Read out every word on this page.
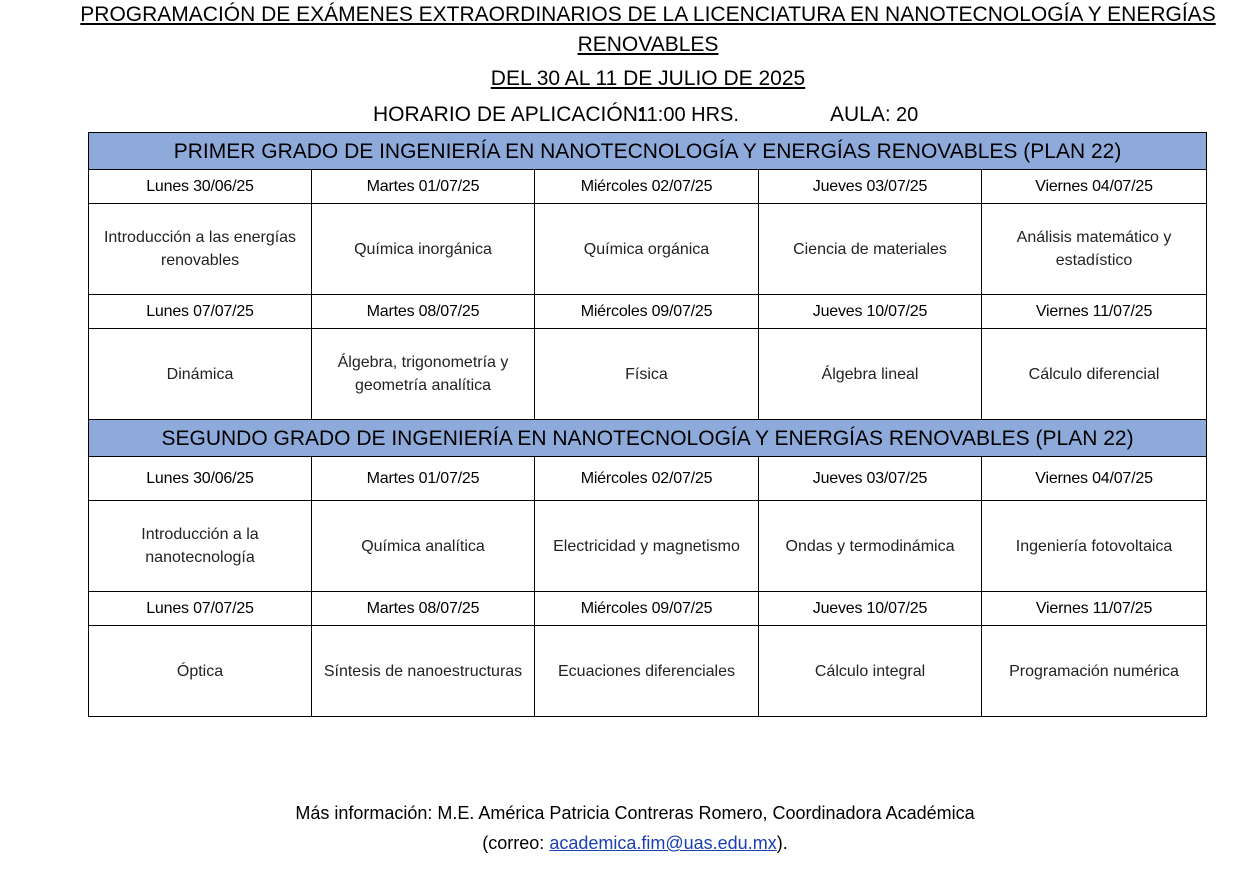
PROGRAMACIÓN DE EXÁMENES EXTRAORDINARIOS DE LA LICENCIATURA EN NANOTECNOLOGÍA Y ENERGÍAS
RENOVABLES
DEL 30 AL 11 DE JULIO DE 2025
HORARIO DE APLICACIÓN:
11:00 HRS.	AULA: 20
PRIMER GRADO DE INGENIERÍA EN NANOTECNOLOGÍA Y ENERGÍAS RENOVABLES (PLAN 22)				
Lunes 30/06/25	Martes 01/07/25	Miércoles 02/07/25	Jueves 03/07/25	Viernes 04/07/25
Introducción a las energías renovables	Química inorgánica	Química orgánica	Ciencia de materiales	Análisis matemático y estadístico
Lunes 07/07/25	Martes 08/07/25	Miércoles 09/07/25	Jueves 10/07/25	Viernes 11/07/25
Dinámica	Álgebra, trigonometría y geometría analítica	Física	Álgebra lineal	Cálculo diferencial
SEGUNDO GRADO DE INGENIERÍA EN NANOTECNOLOGÍA Y ENERGÍAS RENOVABLES (PLAN 22)				
Lunes 30/06/25	Martes 01/07/25	Miércoles 02/07/25	Jueves 03/07/25	Viernes 04/07/25
Introducción a la nanotecnología	Química analítica	Electricidad y magnetismo	Ondas y termodinámica	Ingeniería fotovoltaica
Lunes 07/07/25	Martes 08/07/25	Miércoles 09/07/25	Jueves 10/07/25	Viernes 11/07/25
Óptica	Síntesis de nanoestructuras	Ecuaciones diferenciales	Cálculo integral	Programación numérica
Más información: M.E. América Patricia Contreras Romero, Coordinadora Académica
(correo: academica.fim@uas.edu.mx).
